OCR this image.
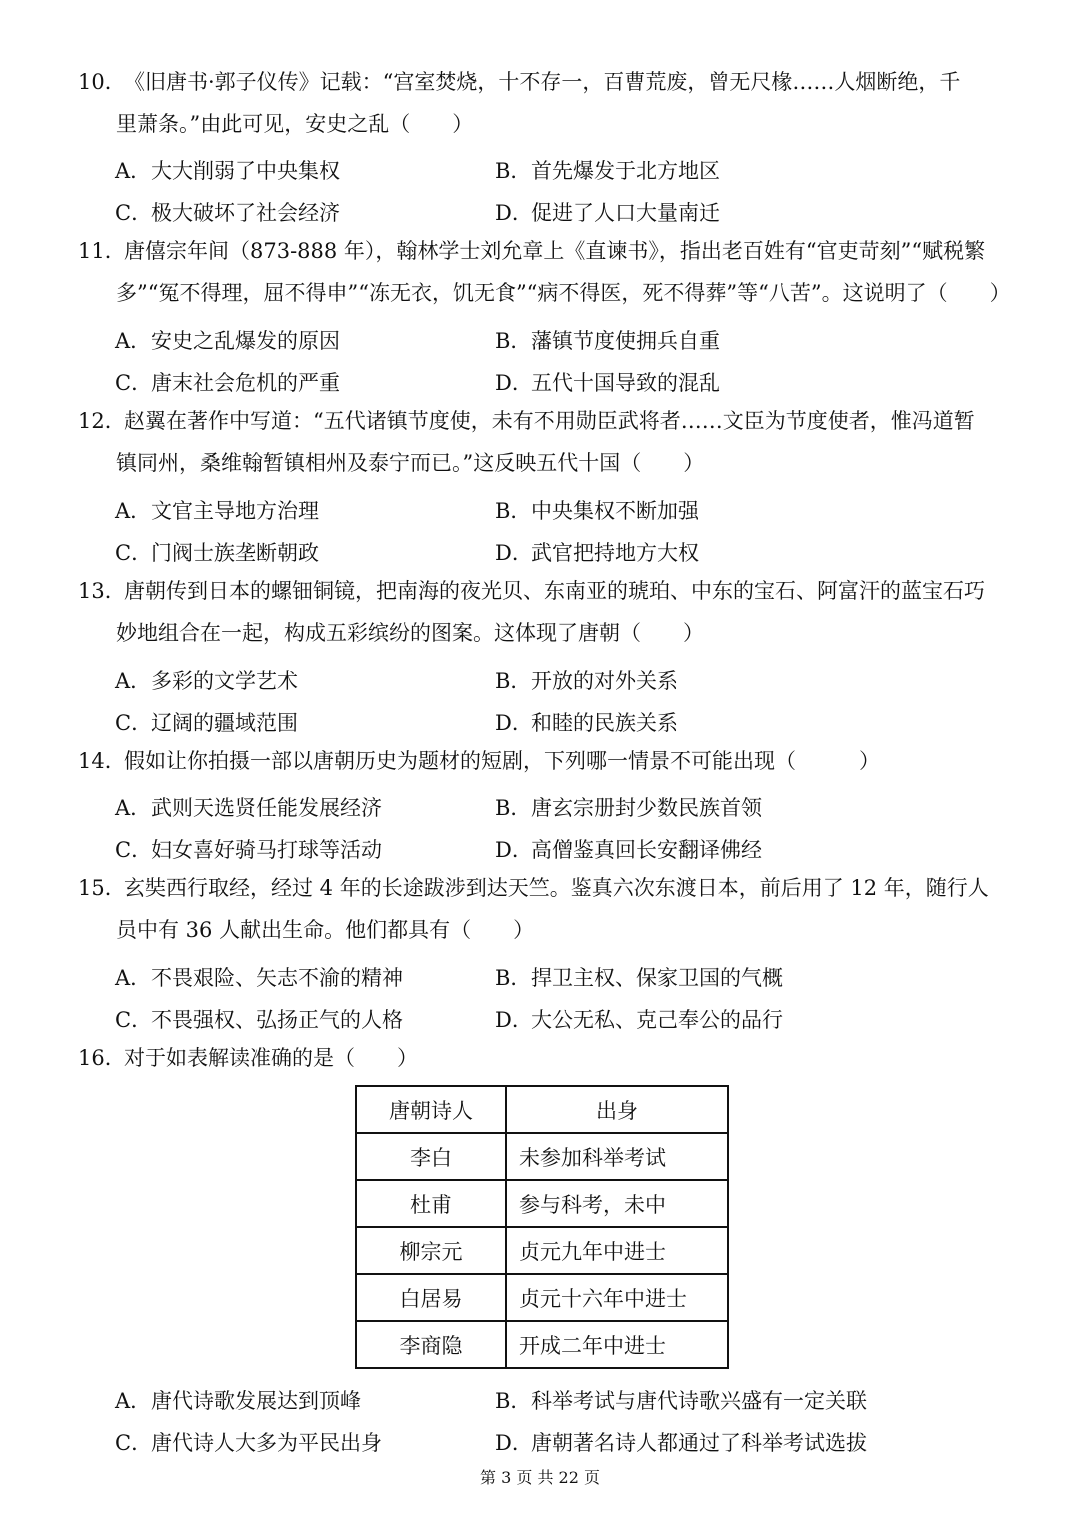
10．《旧唐书·郭子仪传》记载：“宫室焚烧，十不存一，百曹荒废，曾无尺椽……人烟断绝，千
里萧条。”由此可见，安史之乱（　　）
A．大大削弱了中央集权	B．首先爆发于北方地区
C．极大破坏了社会经济	D．促进了人口大量南迁
11．唐僖宗年间（873-888 年），翰林学士刘允章上《直谏书》，指出老百姓有“官吏苛刻”“赋税繁
多”“冤不得理，屈不得申”“冻无衣，饥无食”“病不得医，死不得葬”等“八苦”。这说明了（　　）
A．安史之乱爆发的原因	B．藩镇节度使拥兵自重
C．唐末社会危机的严重	D．五代十国导致的混乱
12．赵翼在著作中写道：“五代诸镇节度使，未有不用勋臣武将者……文臣为节度使者，惟冯道暂
镇同州，桑维翰暂镇相州及泰宁而已。”这反映五代十国（　　）
A．文官主导地方治理	B．中央集权不断加强
C．门阀士族垄断朝政	D．武官把持地方大权
13．唐朝传到日本的螺钿铜镜，把南海的夜光贝、东南亚的琥珀、中东的宝石、阿富汗的蓝宝石巧
妙地组合在一起，构成五彩缤纷的图案。这体现了唐朝（　　）
A．多彩的文学艺术	B．开放的对外关系
C．辽阔的疆域范围	D．和睦的民族关系
14．假如让你拍摄一部以唐朝历史为题材的短剧，下列哪一情景不可能出现（　　　）
A．武则天选贤任能发展经济	B．唐玄宗册封少数民族首领
C．妇女喜好骑马打球等活动	D．高僧鉴真回长安翻译佛经
15．玄奘西行取经，经过 4 年的长途跋涉到达天竺。鉴真六次东渡日本，前后用了 12 年，随行人
员中有 36 人献出生命。他们都具有（　　）
A．不畏艰险、矢志不渝的精神	B．捍卫主权、保家卫国的气概
C．不畏强权、弘扬正气的人格	D．大公无私、克己奉公的品行
16．对于如表解读准确的是（　　）
唐朝诗人	出身
李白	未参加科举考试
杜甫	参与科考，未中
柳宗元	贞元九年中进士
白居易	贞元十六年中进士
李商隐	开成二年中进士
A．唐代诗歌发展达到顶峰	B．科举考试与唐代诗歌兴盛有一定关联
C．唐代诗人大多为平民出身	D．唐朝著名诗人都通过了科举考试选拔
第 3 页 共 22 页
